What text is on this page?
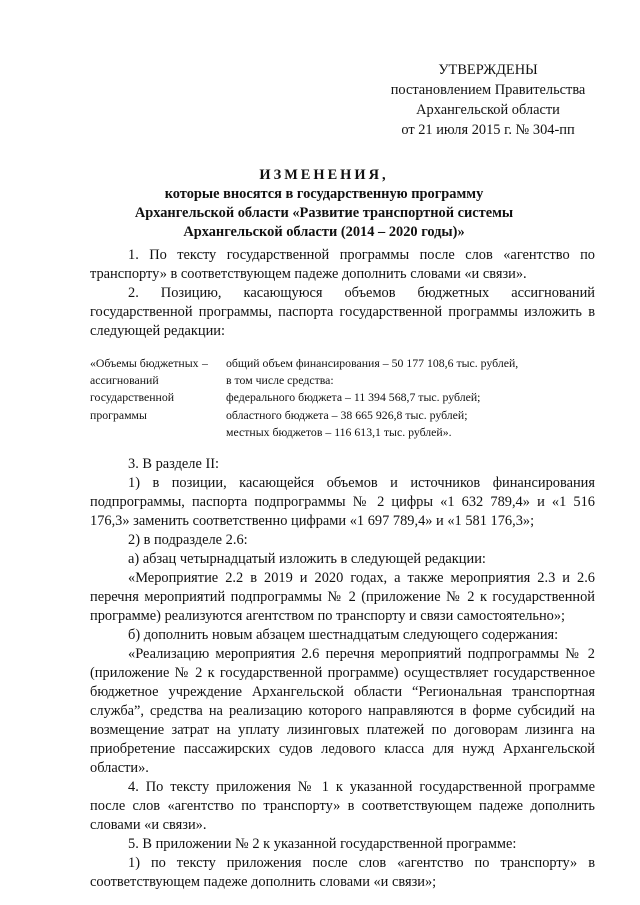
УТВЕРЖДЕНЫ
постановлением Правительства
Архангельской области
от 21 июля 2015 г. № 304-пп
ИЗМЕНЕНИЯ,
которые вносятся в государственную программу
Архангельской области «Развитие транспортной системы
Архангельской области (2014 – 2020 годы)»

1. По тексту государственной программы после слов «агентство по транспорту» в соответствующем падеже дополнить словами «и связи».

2. Позицию, касающуюся объемов бюджетных ассигнований государственной программы, паспорта государственной программы изложить в следующей редакции:

«Объемы бюджетных ассигнований государственной программы
–	общий объем финансирования – 50 177 108,6 тыс. рублей,
в том числе средства:
федерального бюджета – 11 394 568,7 тыс. рублей;
областного бюджета – 38 665 926,8 тыс. рублей;
местных бюджетов – 116 613,1 тыс. рублей».

3. В разделе II:

1) в позиции, касающейся объемов и источников финансирования подпрограммы, паспорта подпрограммы № 2 цифры «1 632 789,4» и «1 516 176,3» заменить соответственно цифрами «1 697 789,4» и «1 581 176,3»;

2) в подразделе 2.6:

а) абзац четырнадцатый изложить в следующей редакции:

«Мероприятие 2.2 в 2019 и 2020 годах, а также мероприятия 2.3 и 2.6 перечня мероприятий подпрограммы № 2 (приложение № 2 к государственной программе) реализуются агентством по транспорту и связи самостоятельно»;

б) дополнить новым абзацем шестнадцатым следующего содержания:

«Реализацию мероприятия 2.6 перечня мероприятий подпрограммы № 2 (приложение № 2 к государственной программе) осуществляет государственное бюджетное учреждение Архангельской области “Региональная транспортная служба”, средства на реализацию которого направляются в форме субсидий на возмещение затрат на уплату лизинговых платежей по договорам лизинга на приобретение пассажирских судов ледового класса для нужд Архангельской области».

4. По тексту приложения № 1 к указанной государственной программе после слов «агентство по транспорту» в соответствующем падеже дополнить словами «и связи».

5. В приложении № 2 к указанной государственной программе:

1) по тексту приложения после слов «агентство по транспорту» в соответствующем падеже дополнить словами «и связи»;
